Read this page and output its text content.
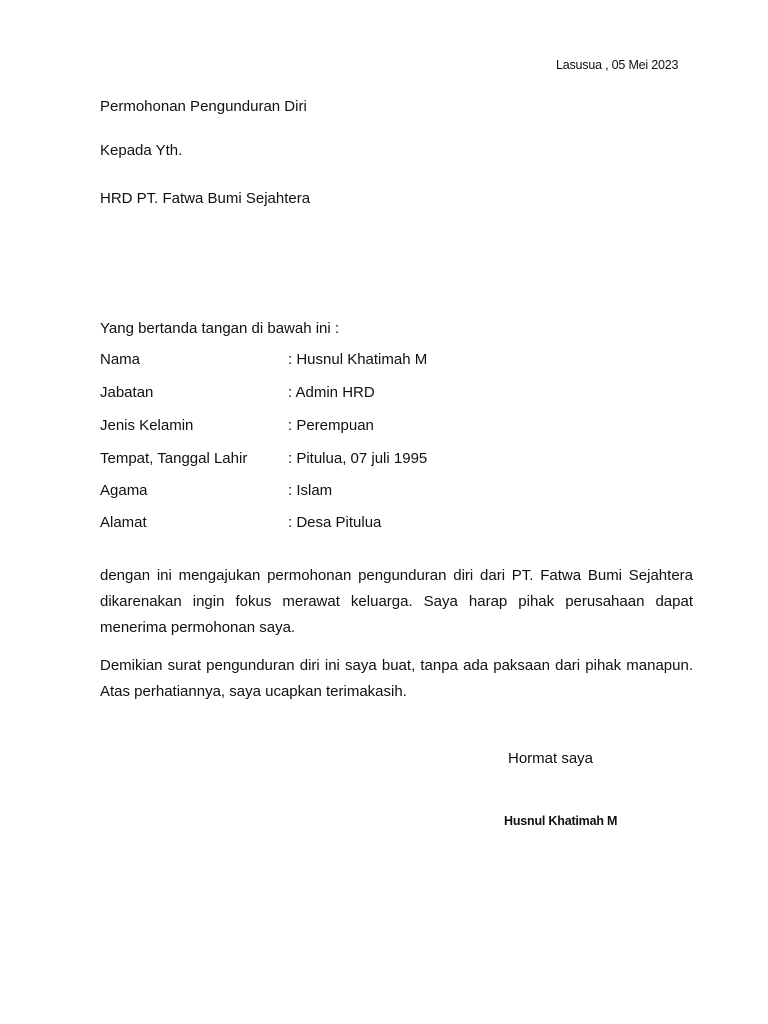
Lasusua , 05 Mei 2023
Permohonan Pengunduran Diri
Kepada Yth.
HRD PT. Fatwa Bumi Sejahtera
Yang bertanda tangan di bawah ini :
Nama	: Husnul Khatimah M
Jabatan	: Admin HRD
Jenis Kelamin	: Perempuan
Tempat, Tanggal Lahir	: Pitulua, 07 juli 1995
Agama	: Islam
Alamat	: Desa Pitulua
dengan ini mengajukan permohonan pengunduran diri dari PT. Fatwa Bumi Sejahtera dikarenakan ingin fokus merawat keluarga. Saya harap pihak perusahaan dapat menerima permohonan saya.
Demikian surat pengunduran diri ini saya buat, tanpa ada paksaan dari pihak manapun. Atas perhatiannya, saya ucapkan terimakasih.
Hormat saya
Husnul Khatimah M
